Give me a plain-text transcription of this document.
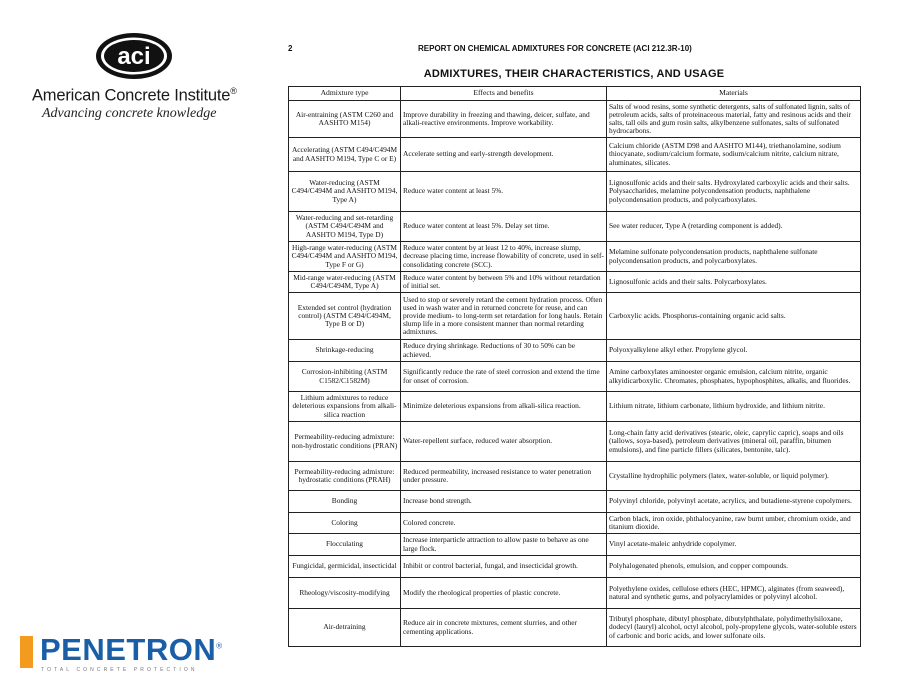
aci
American Concrete Institute®
Advancing concrete knowledge
PENETRON®
TOTAL CONCRETE PROTECTION
2	REPORT ON CHEMICAL ADMIXTURES FOR CONCRETE (ACI 212.3R-10)
ADMIXTURES, THEIR CHARACTERISTICS, AND USAGE
Admixture type	Effects and benefits	Materials
Air-entraining (ASTM C260 and AASHTO M154)	Improve durability in freezing and thawing, deicer, sulfate, and alkali-reactive environments. Improve workability.	Salts of wood resins, some synthetic detergents, salts of sulfonated lignin, salts of petroleum acids, salts of proteinaceous material, fatty and resinous acids and their salts, tall oils and gum rosin salts, alkylbenzene sulfonates, salts of sulfonated hydrocarbons.
Accelerating (ASTM C494/C494M and AASHTO M194, Type C or E)	Accelerate setting and early-strength development.	Calcium chloride (ASTM D98 and AASHTO M144), triethanolamine, sodium thiocyanate, sodium/calcium formate, sodium/calcium nitrite, calcium nitrate, aluminates, silicates.
Water-reducing (ASTM C494/C494M and AASHTO M194, Type A)	Reduce water content at least 5%.	Lignosulfonic acids and their salts. Hydroxylated carboxylic acids and their salts. Polysaccharides, melamine polycondensation products, naphthalene polycondensation products, and polycarboxylates.
Water-reducing and set-retarding (ASTM C494/C494M and AASHTO M194, Type D)	Reduce water content at least 5%. Delay set time.	See water reducer, Type A (retarding component is added).
High-range water-reducing (ASTM C494/C494M and AASHTO M194, Type F or G)	Reduce water content by at least 12 to 40%, increase slump, decrease placing time, increase flowability of concrete, used in self-consolidating concrete (SCC).	Melamine sulfonate polycondensation products, naphthalene sulfonate polycondensation products, and polycarboxylates.
Mid-range water-reducing (ASTM C494/C494M, Type A)	Reduce water content by between 5% and 10% without retardation of initial set.	Lignosulfonic acids and their salts. Polycarboxylates.
Extended set control (hydration control) (ASTM C494/C494M, Type B or D)	Used to stop or severely retard the cement hydration process. Often used in wash water and in returned concrete for reuse, and can provide medium- to long-term set retardation for long hauls. Retain slump life in a more consistent manner than normal retarding admixtures.	Carboxylic acids. Phosphorus-containing organic acid salts.
Shrinkage-reducing	Reduce drying shrinkage. Reductions of 30 to 50% can be achieved.	Polyoxyalkylene alkyl ether. Propylene glycol.
Corrosion-inhibiting (ASTM C1582/C1582M)	Significantly reduce the rate of steel corrosion and extend the time for onset of corrosion.	Amine carboxylates aminoester organic emulsion, calcium nitrite, organic alkyidicarboxylic. Chromates, phosphates, hypophosphites, alkalis, and fluorides.
Lithium admixtures to reduce deleterious expansions from alkali-silica reaction	Minimize deleterious expansions from alkali-silica reaction.	Lithium nitrate, lithium carbonate, lithium hydroxide, and lithium nitrite.
Permeability-reducing admixture: non-hydrostatic conditions (PRAN)	Water-repellent surface, reduced water absorption.	Long-chain fatty acid derivatives (stearic, oleic, caprylic capric), soaps and oils (tallows, soya-based), petroleum derivatives (mineral oil, paraffin, bitumen emulsions), and fine particle fillers (silicates, bentonite, talc).
Permeability-reducing admixture: hydrostatic conditions (PRAH)	Reduced permeability, increased resistance to water penetration under pressure.	Crystalline hydrophilic polymers (latex, water-soluble, or liquid polymer).
Bonding	Increase bond strength.	Polyvinyl chloride, polyvinyl acetate, acrylics, and butadiene-styrene copolymers.
Coloring	Colored concrete.	Carbon black, iron oxide, phthalocyanine, raw burnt umber, chromium oxide, and titanium dioxide.
Flocculating	Increase interparticle attraction to allow paste to behave as one large flock.	Vinyl acetate-maleic anhydride copolymer.
Fungicidal, germicidal, insecticidal	Inhibit or control bacterial, fungal, and insecticidal growth.	Polyhalogenated phenols, emulsion, and copper compounds.
Rheology/viscosity-modifying	Modify the rheological properties of plastic concrete.	Polyethylene oxides, cellulose ethers (HEC, HPMC), alginates (from seaweed), natural and synthetic gums, and polyacrylamides or polyvinyl alcohol.
Air-detraining	Reduce air in concrete mixtures, cement slurries, and other cementing applications.	Tributyl phosphate, dibutyl phosphate, dibutylphthalate, polydimethylsiloxane, dodecyl (lauryl) alcohol, octyl alcohol, poly-propylene glycols, water-soluble esters of carbonic and boric acids, and lower sulfonate oils.
